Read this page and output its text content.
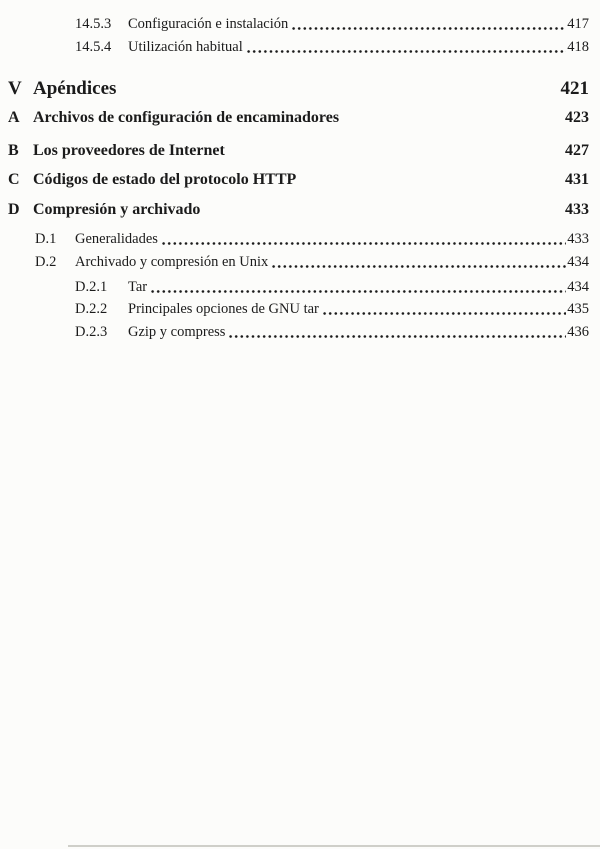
14.5.3	Configuración e instalación	417
14.5.4	Utilización habitual	418
V Apéndices	421
A Archivos de configuración de encaminadores	423
B Los proveedores de Internet	427
C Códigos de estado del protocolo HTTP	431
D Compresión y archivado	433
D.1	Generalidades	433
D.2	Archivado y compresión en Unix	434
D.2.1	Tar	434
D.2.2	Principales opciones de GNU tar	435
D.2.3	Gzip y compress	436
